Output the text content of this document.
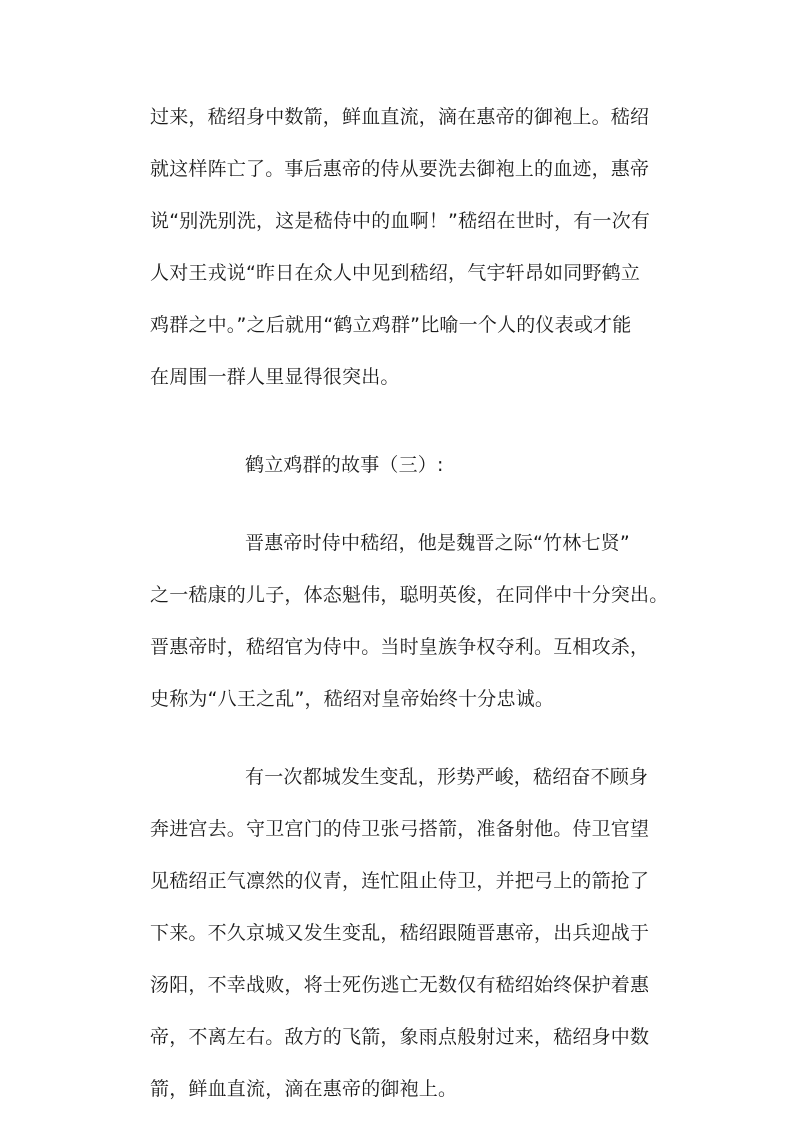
过来，嵇绍身中数箭，鲜血直流，滴在惠帝的御袍上。嵇绍
就这样阵亡了。事后惠帝的侍从要洗去御袍上的血迹，惠帝
说“别洗别洗，这是嵇侍中的血啊！”嵇绍在世时，有一次有
人对王戎说“昨日在众人中见到嵇绍，气宇轩昂如同野鹤立
鸡群之中。”之后就用“鹤立鸡群”比喻一个人的仪表或才能
在周围一群人里显得很突出。
鹤立鸡群的故事（三）:
晋惠帝时侍中嵇绍，他是魏晋之际“竹林七贤”
之一嵇康的儿子，体态魁伟，聪明英俊，在同伴中十分突出。
晋惠帝时，嵇绍官为侍中。当时皇族争权夺利。互相攻杀，
史称为“八王之乱”，嵇绍对皇帝始终十分忠诚。
有一次都城发生变乱，形势严峻，嵇绍奋不顾身
奔进宫去。守卫宫门的侍卫张弓搭箭，准备射他。侍卫官望
见嵇绍正气凛然的仪青，连忙阻止侍卫，并把弓上的箭抢了
下来。不久京城又发生变乱，嵇绍跟随晋惠帝，出兵迎战于
汤阳，不幸战败，将士死伤逃亡无数仅有嵇绍始终保护着惠
帝，不离左右。敌方的飞箭，象雨点般射过来，嵇绍身中数
箭，鲜血直流，滴在惠帝的御袍上。
